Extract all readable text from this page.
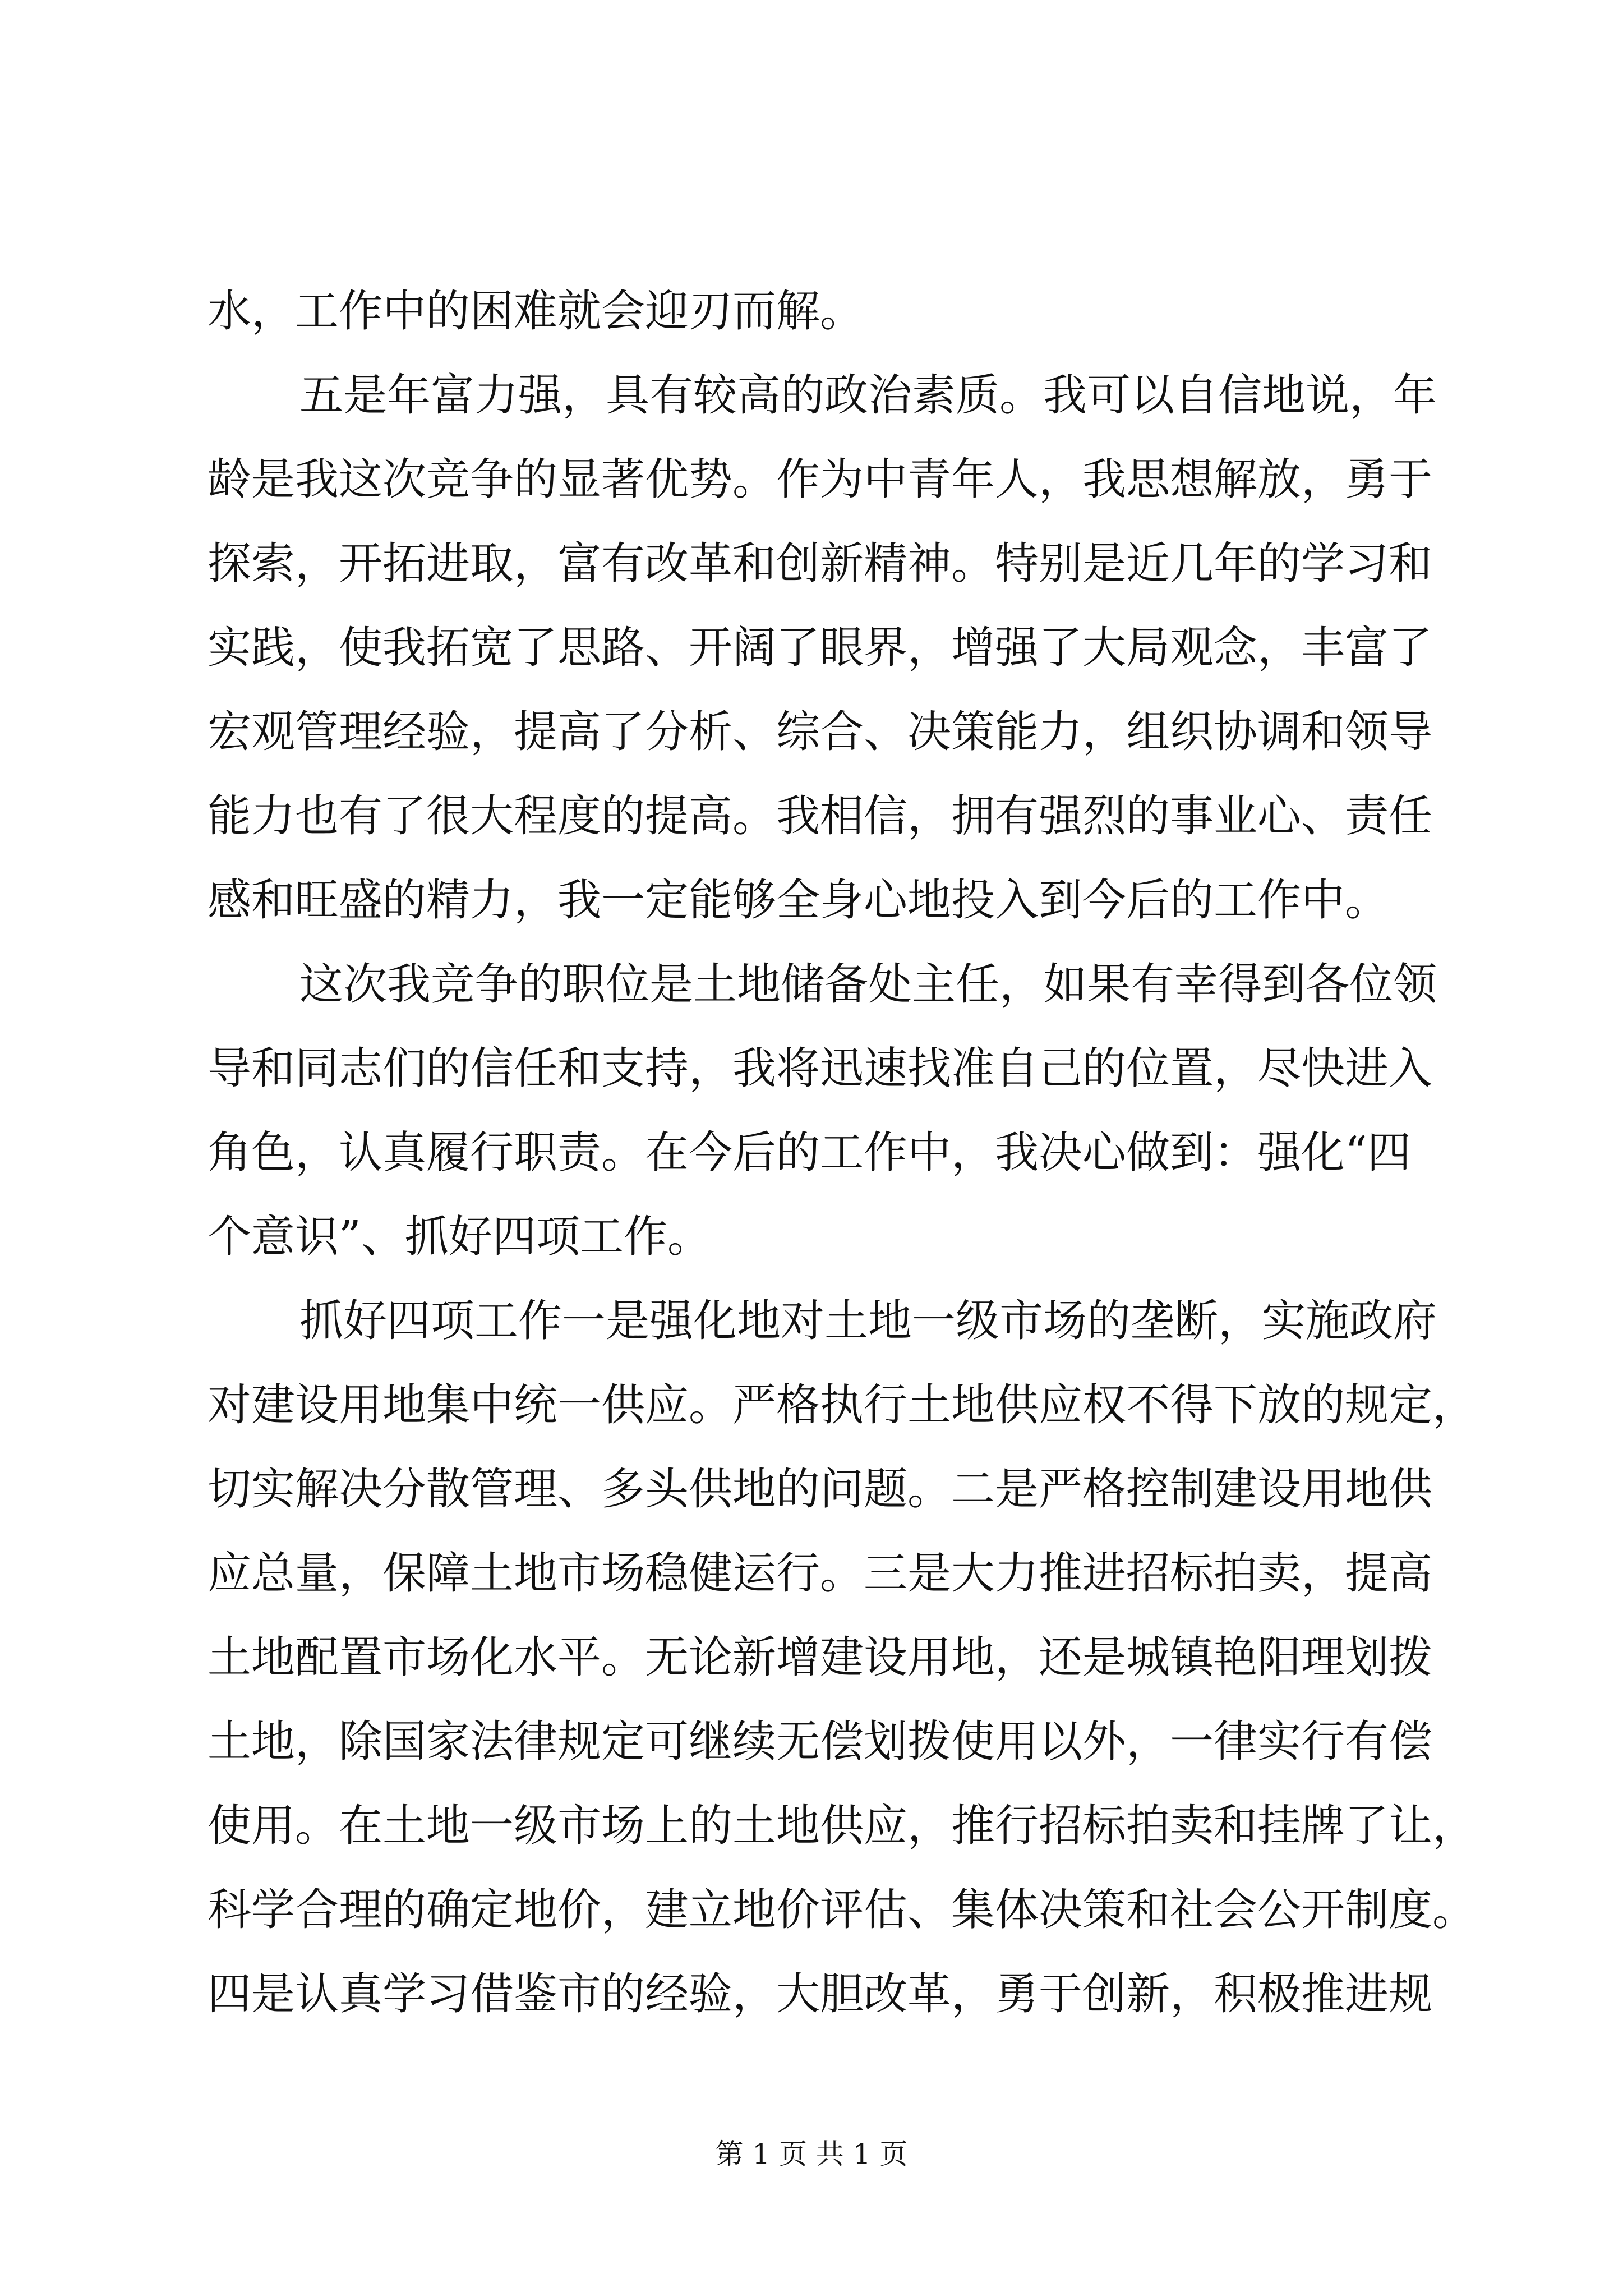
水，工作中的困难就会迎刃而解。
五是年富力强，具有较高的政治素质。我可以自信地说，年
龄是我这次竞争的显著优势。作为中青年人，我思想解放，勇于
探索，开拓进取，富有改革和创新精神。特别是近几年的学习和
实践，使我拓宽了思路、开阔了眼界，增强了大局观念，丰富了
宏观管理经验，提高了分析、综合、决策能力，组织协调和领导
能力也有了很大程度的提高。我相信，拥有强烈的事业心、责任
感和旺盛的精力，我一定能够全身心地投入到今后的工作中。
这次我竞争的职位是土地储备处主任，如果有幸得到各位领
导和同志们的信任和支持，我将迅速找准自己的位置，尽快进入
角色，认真履行职责。在今后的工作中，我决心做到：强化“四
个意识”、抓好四项工作。
抓好四项工作一是强化地对土地一级市场的垄断，实施政府
对建设用地集中统一供应。严格执行土地供应权不得下放的规定，
切实解决分散管理、多头供地的问题。二是严格控制建设用地供
应总量，保障土地市场稳健运行。三是大力推进招标拍卖，提高
土地配置市场化水平。无论新增建设用地，还是城镇艳阳理划拨
土地，除国家法律规定可继续无偿划拨使用以外，一律实行有偿
使用。在土地一级市场上的土地供应，推行招标拍卖和挂牌了让，
科学合理的确定地价，建立地价评估、集体决策和社会公开制度。
四是认真学习借鉴市的经验，大胆改革，勇于创新，积极推进规
第 1 页 共 1 页
